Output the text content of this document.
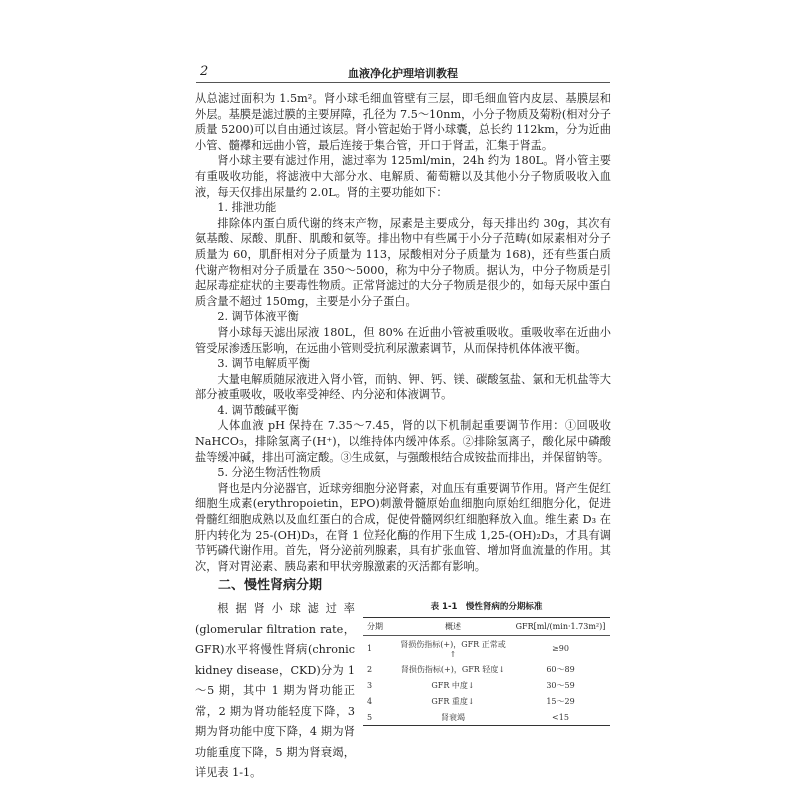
2	血液净化护理培训教程

从总滤过面积为 1.5m²。肾小球毛细血管壁有三层，即毛细血管内皮层、基膜层和外层。基膜是滤过膜的主要屏障，孔径为 7.5～10nm，小分子物质及菊粉(相对分子质量 5200)可以自由通过该层。肾小管起始于肾小球囊，总长约 112km，分为近曲小管、髓襻和远曲小管，最后连接于集合管，开口于肾盂，汇集于肾盂。

肾小球主要有滤过作用，滤过率为 125ml/min，24h 约为 180L。肾小管主要有重吸收功能，将滤液中大部分水、电解质、葡萄糖以及其他小分子物质吸收入血液，每天仅排出尿量约 2.0L。肾的主要功能如下：

1. 排泄功能

排除体内蛋白质代谢的终末产物，尿素是主要成分，每天排出约 30g，其次有氨基酸、尿酸、肌酐、肌酸和氨等。排出物中有些属于小分子范畴(如尿素相对分子质量为 60，肌酐相对分子质量为 113，尿酸相对分子质量为 168)，还有些蛋白质代谢产物相对分子质量在 350～5000，称为中分子物质。据认为，中分子物质是引起尿毒症症状的主要毒性物质。正常肾滤过的大分子物质是很少的，如每天尿中蛋白质含量不超过 150mg，主要是小分子蛋白。

2. 调节体液平衡

肾小球每天滤出尿液 180L，但 80% 在近曲小管被重吸收。重吸收率在近曲小管受尿渗透压影响，在远曲小管则受抗利尿激素调节，从而保持机体体液平衡。

3. 调节电解质平衡

大量电解质随尿液进入肾小管，而钠、钾、钙、镁、碳酸氢盐、氯和无机盐等大部分被重吸收，吸收率受神经、内分泌和体液调节。

4. 调节酸碱平衡

人体血液 pH 保持在 7.35～7.45，肾的以下机制起重要调节作用：①回吸收 NaHCO₃，排除氢离子(H⁺)，以维持体内缓冲体系。②排除氢离子，酸化尿中磷酸盐等缓冲碱，排出可滴定酸。③生成氨，与强酸根结合成铵盐而排出，并保留钠等。

5. 分泌生物活性物质

肾也是内分泌器官，近球旁细胞分泌肾素，对血压有重要调节作用。肾产生促红细胞生成素(erythropoietin，EPO)刺激骨髓原始血细胞向原始红细胞分化，促进骨髓红细胞成熟以及血红蛋白的合成，促使骨髓网织红细胞释放入血。维生素 D₃ 在肝内转化为 25-(OH)D₃，在肾 1 位羟化酶的作用下生成 1,25-(OH)₂D₃，才具有调节钙磷代谢作用。首先，肾分泌前列腺素，具有扩张血管、增加肾血流量的作用。其次，肾对胃泌素、胰岛素和甲状旁腺激素的灭活都有影响。

二、慢性肾病分期
根据肾小球滤过率(glomerular filtration rate，GFR)水平将慢性肾病(chronic kidney disease，CKD)分为 1～5 期，其中 1 期为肾功能正常，2 期为肾功能轻度下降，3 期为肾功能中度下降，4 期为肾功能重度下降，5 期为肾衰竭，详见表 1-1。
表 1-1　慢性肾病的分期标准
分期	概述	GFR[ml/(min·1.73m²)]
1	肾损伤指标(+)，GFR 正常或↑	≥90
2	肾损伤指标(+)，GFR 轻度↓	60～89
3	GFR 中度↓	30～59
4	GFR 重度↓	15～29
5	肾衰竭	<15
